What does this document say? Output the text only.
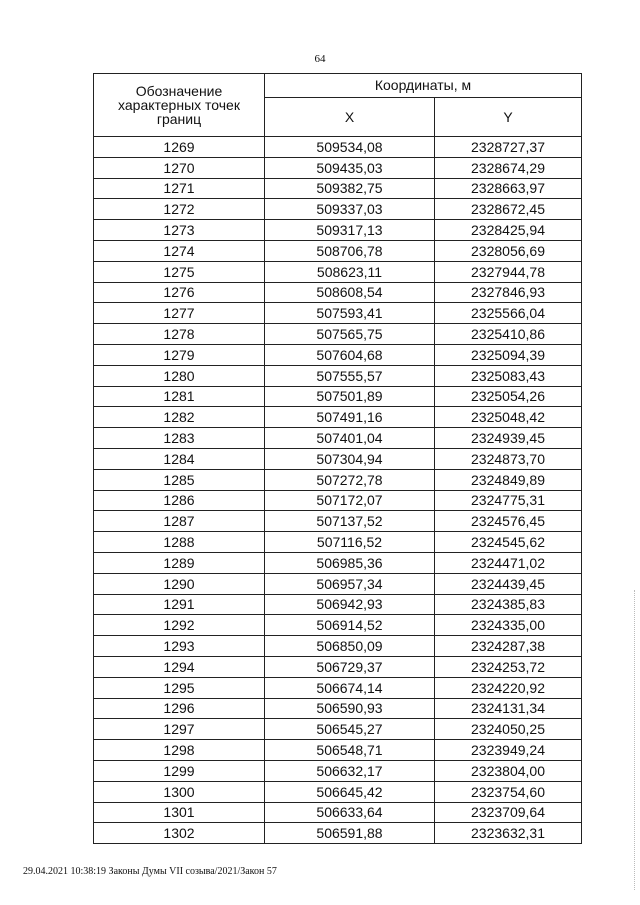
64
Обозначение характерных точек границ	Координаты, м	
	X	Y
1269	509534,08	2328727,37
1270	509435,03	2328674,29
1271	509382,75	2328663,97
1272	509337,03	2328672,45
1273	509317,13	2328425,94
1274	508706,78	2328056,69
1275	508623,11	2327944,78
1276	508608,54	2327846,93
1277	507593,41	2325566,04
1278	507565,75	2325410,86
1279	507604,68	2325094,39
1280	507555,57	2325083,43
1281	507501,89	2325054,26
1282	507491,16	2325048,42
1283	507401,04	2324939,45
1284	507304,94	2324873,70
1285	507272,78	2324849,89
1286	507172,07	2324775,31
1287	507137,52	2324576,45
1288	507116,52	2324545,62
1289	506985,36	2324471,02
1290	506957,34	2324439,45
1291	506942,93	2324385,83
1292	506914,52	2324335,00
1293	506850,09	2324287,38
1294	506729,37	2324253,72
1295	506674,14	2324220,92
1296	506590,93	2324131,34
1297	506545,27	2324050,25
1298	506548,71	2323949,24
1299	506632,17	2323804,00
1300	506645,42	2323754,60
1301	506633,64	2323709,64
1302	506591,88	2323632,31
29.04.2021 10:38:19 Законы Думы VII созыва/2021/Закон 57
